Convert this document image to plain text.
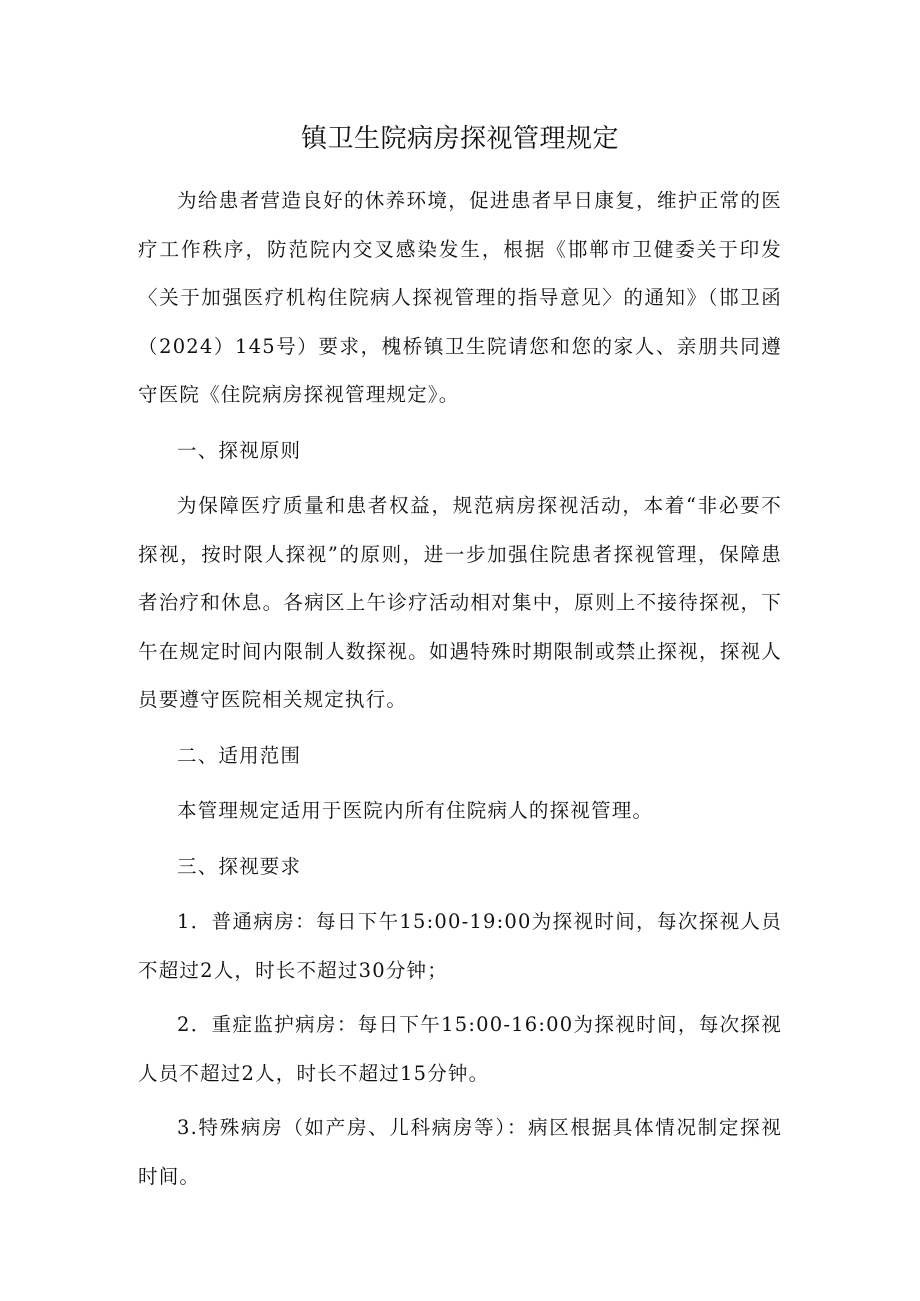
镇卫生院病房探视管理规定

为给患者营造良好的休养环境，促进患者早日康复，维护正常的医疗工作秩序，防范院内交叉感染发生，根据《邯郸市卫健委关于印发〈关于加强医疗机构住院病人探视管理的指导意见〉的通知》（邯卫函（2024）145号）要求，槐桥镇卫生院请您和您的家人、亲朋共同遵守医院《住院病房探视管理规定》。

一、探视原则

为保障医疗质量和患者权益，规范病房探视活动，本着“非必要不探视，按时限人探视”的原则，进一步加强住院患者探视管理，保障患者治疗和休息。各病区上午诊疗活动相对集中，原则上不接待探视，下午在规定时间内限制人数探视。如遇特殊时期限制或禁止探视，探视人员要遵守医院相关规定执行。

二、适用范围

本管理规定适用于医院内所有住院病人的探视管理。

三、探视要求

1．普通病房：每日下午15:00-19:00为探视时间，每次探视人员不超过2人，时长不超过30分钟；

2．重症监护病房：每日下午15:00-16:00为探视时间，每次探视人员不超过2人，时长不超过15分钟。

3.特殊病房（如产房、儿科病房等）：病区根据具体情况制定探视时间。
